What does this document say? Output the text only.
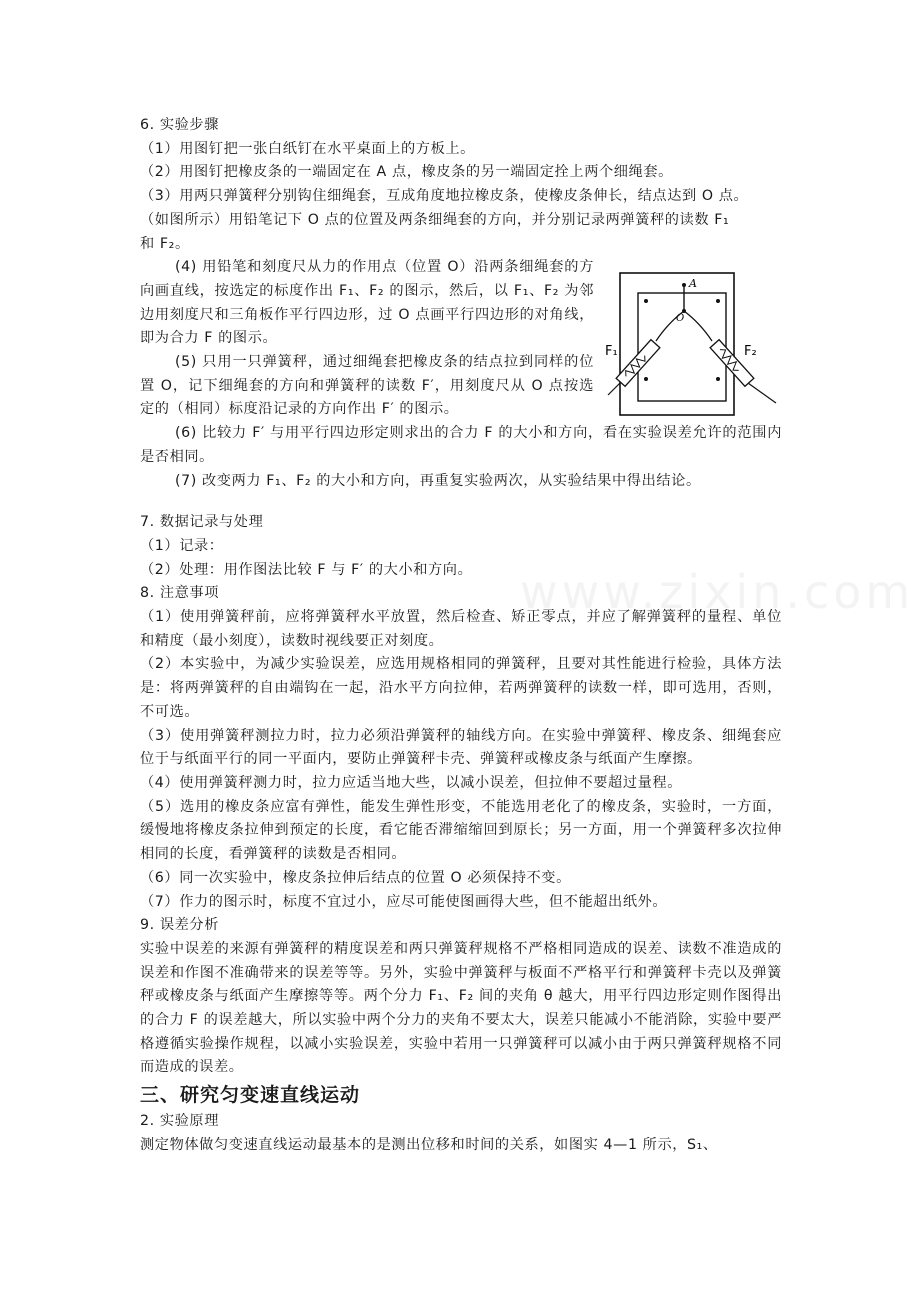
www.zixin.com
6. 实验步骤
（1）用图钉把一张白纸钉在水平桌面上的方板上。
（2）用图钉把橡皮条的一端固定在 A 点，橡皮条的另一端固定拴上两个细绳套。
（3）用两只弹簧秤分别钩住细绳套，互成角度地拉橡皮条，使橡皮条伸长，结点达到 O 点。
（如图所示）用铅笔记下 O 点的位置及两条细绳套的方向，并分别记录两弹簧秤的读数 F₁
和 F₂。
(4) 用铅笔和刻度尺从力的作用点（位置 O）沿两条细绳套的方向画直线，按选定的标度作出 F₁、F₂ 的图示，然后，以 F₁、F₂ 为邻边用刻度尺和三角板作平行四边形，过 O 点画平行四边形的对角线，即为合力 F 的图示。
(5) 只用一只弹簧秤，通过细绳套把橡皮条的结点拉到同样的位置 O，记下细绳套的方向和弹簧秤的读数 F′，用刻度尺从 O 点按选定的（相同）标度沿记录的方向作出 F′ 的图示。
(6) 比较力 F′ 与用平行四边形定则求出的合力 F 的大小和方向，看在实验误差允许的范围内是否相同。
(7) 改变两力 F₁、F₂ 的大小和方向，再重复实验两次，从实验结果中得出结论。
7. 数据记录与处理
（1）记录：
（2）处理：用作图法比较 F 与 F′ 的大小和方向。
8. 注意事项
（1）使用弹簧秤前，应将弹簧秤水平放置，然后检查、矫正零点，并应了解弹簧秤的量程、单位和精度（最小刻度），读数时视线要正对刻度。
（2）本实验中，为减少实验误差，应选用规格相同的弹簧秤，且要对其性能进行检验，具体方法是：将两弹簧秤的自由端钩在一起，沿水平方向拉伸，若两弹簧秤的读数一样，即可选用，否则，不可选。
（3）使用弹簧秤测拉力时，拉力必须沿弹簧秤的轴线方向。在实验中弹簧秤、橡皮条、细绳套应位于与纸面平行的同一平面内，要防止弹簧秤卡壳、弹簧秤或橡皮条与纸面产生摩擦。
（4）使用弹簧秤测力时，拉力应适当地大些，以减小误差，但拉伸不要超过量程。
（5）选用的橡皮条应富有弹性，能发生弹性形变，不能选用老化了的橡皮条，实验时，一方面，缓慢地将橡皮条拉伸到预定的长度，看它能否滞缩缩回到原长；另一方面，用一个弹簧秤多次拉伸相同的长度，看弹簧秤的读数是否相同。
（6）同一次实验中，橡皮条拉伸后结点的位置 O 必须保持不变。
（7）作力的图示时，标度不宜过小，应尽可能使图画得大些，但不能超出纸外。
9. 误差分析
实验中误差的来源有弹簧秤的精度误差和两只弹簧秤规格不严格相同造成的误差、读数不准造成的误差和作图不准确带来的误差等等。另外，实验中弹簧秤与板面不严格平行和弹簧秤卡壳以及弹簧秤或橡皮条与纸面产生摩擦等等。两个分力 F₁、F₂ 间的夹角 θ 越大，用平行四边形定则作图得出的合力 F 的误差越大，所以实验中两个分力的夹角不要太大，误差只能减小不能消除，实验中要严格遵循实验操作规程，以减小实验误差，实验中若用一只弹簧秤可以减小由于两只弹簧秤规格不同而造成的误差。
三、研究匀变速直线运动
2. 实验原理
测定物体做匀变速直线运动最基本的是测出位移和时间的关系，如图实 4—1 所示，S₁、
A
O
F₁	F₂
